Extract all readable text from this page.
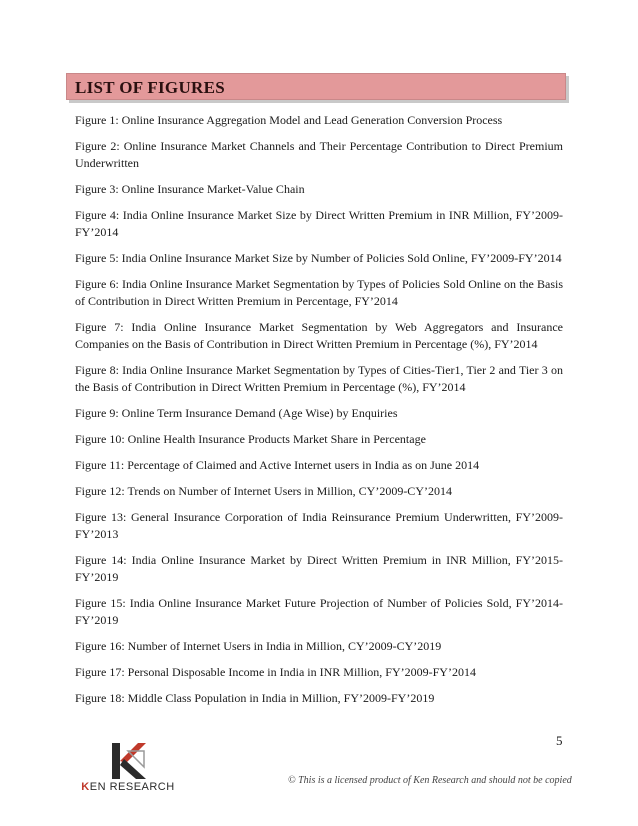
LIST OF FIGURES
Figure 1: Online Insurance Aggregation Model and Lead Generation Conversion Process
Figure 2: Online Insurance Market Channels and Their Percentage Contribution to Direct Premium Underwritten
Figure 3: Online Insurance Market-Value Chain
Figure 4: India Online Insurance Market Size by Direct Written Premium in INR Million, FY’2009-FY’2014
Figure 5: India Online Insurance Market Size by Number of Policies Sold Online, FY’2009-FY’2014
Figure 6: India Online Insurance Market Segmentation by Types of Policies Sold Online on the Basis of Contribution in Direct Written Premium in Percentage, FY’2014
Figure 7: India Online Insurance Market Segmentation by Web Aggregators and Insurance Companies on the Basis of Contribution in Direct Written Premium in Percentage (%), FY’2014
Figure 8: India Online Insurance Market Segmentation by Types of Cities-Tier1, Tier 2 and Tier 3 on the Basis of Contribution in Direct Written Premium in Percentage (%), FY’2014
Figure 9: Online Term Insurance Demand (Age Wise) by Enquiries
Figure 10: Online Health Insurance Products Market Share in Percentage
Figure 11: Percentage of Claimed and Active Internet users in India as on June 2014
Figure 12: Trends on Number of Internet Users in Million, CY’2009-CY’2014
Figure 13: General Insurance Corporation of India Reinsurance Premium Underwritten, FY’2009-FY’2013
Figure 14: India Online Insurance Market by Direct Written Premium in INR Million, FY’2015-FY’2019
Figure 15: India Online Insurance Market Future Projection of Number of Policies Sold, FY’2014-FY’2019
Figure 16: Number of Internet Users in India in Million, CY’2009-CY’2019
Figure 17: Personal Disposable Income in India in INR Million, FY’2009-FY’2014
Figure 18: Middle Class Population in India in Million, FY’2009-FY’2019
5
KEN RESEARCH
© This is a licensed product of Ken Research and should not be copied
